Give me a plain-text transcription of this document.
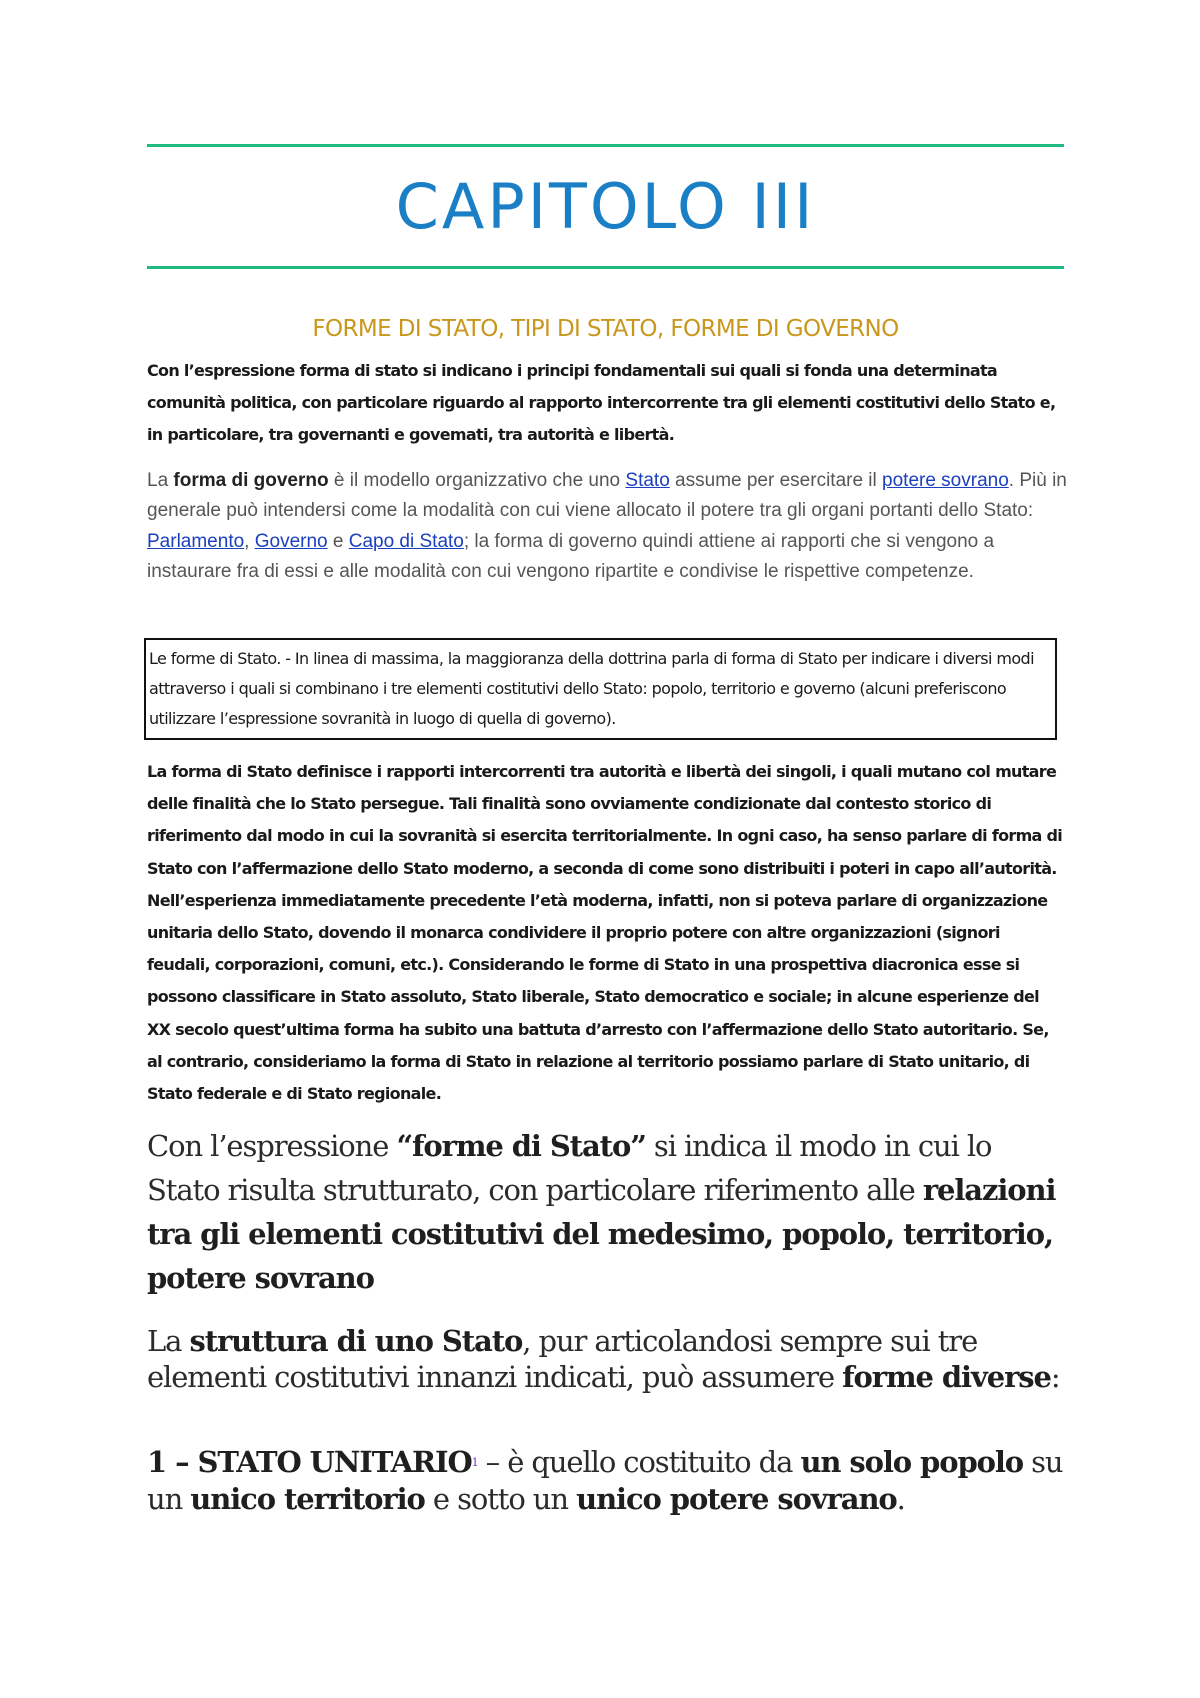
CAPITOLO III
FORME DI STATO, TIPI DI STATO, FORME DI GOVERNO
Con l’espressione forma di stato si indicano i principi fondamentali sui quali si fonda una determinata comunità politica, con particolare riguardo al rapporto intercorrente tra gli elementi costitutivi dello Stato e, in particolare, tra governanti e govemati, tra autorità e libertà.
La forma di governo è il modello organizzativo che uno Stato assume per esercitare il potere sovrano. Più in generale può intendersi come la modalità con cui viene allocato il potere tra gli organi portanti dello Stato: Parlamento, Governo e Capo di Stato; la forma di governo quindi attiene ai rapporti che si vengono a instaurare fra di essi e alle modalità con cui vengono ripartite e condivise le rispettive competenze.
Le forme di Stato. - In linea di massima, la maggioranza della dottrina parla di forma di Stato per indicare i diversi modi attraverso i quali si combinano i tre elementi costitutivi dello Stato: popolo, territorio e governo (alcuni preferiscono utilizzare l’espressione sovranità in luogo di quella di governo).
La forma di Stato definisce i rapporti intercorrenti tra autorità e libertà dei singoli, i quali mutano col mutare delle finalità che lo Stato persegue. Tali finalità sono ovviamente condizionate dal contesto storico di riferimento dal modo in cui la sovranità si esercita territorialmente. In ogni caso, ha senso parlare di forma di Stato con l’affermazione dello Stato moderno, a seconda di come sono distribuiti i poteri in capo all’autorità. Nell’esperienza immediatamente precedente l’età moderna, infatti, non si poteva parlare di organizzazione unitaria dello Stato, dovendo il monarca condividere il proprio potere con altre organizzazioni (signori feudali, corporazioni, comuni, etc.). Considerando le forme di Stato in una prospettiva diacronica esse si possono classificare in Stato assoluto, Stato liberale, Stato democratico e sociale; in alcune esperienze del XX secolo quest’ultima forma ha subito una battuta d’arresto con l’affermazione dello Stato autoritario. Se, al contrario, consideriamo la forma di Stato in relazione al territorio possiamo parlare di Stato unitario, di Stato federale e di Stato regionale.
Con l’espressione “forme di Stato” si indica il modo in cui lo Stato risulta strutturato, con particolare riferimento alle relazioni tra gli elementi costitutivi del medesimo, popolo, territorio, potere sovrano
La struttura di uno Stato, pur articolandosi sempre sui tre elementi costitutivi innanzi indicati, può assumere forme diverse:
1 – STATO UNITARIO$^1$ – è quello costituito da un solo popolo su un unico territorio e sotto un unico potere sovrano.
